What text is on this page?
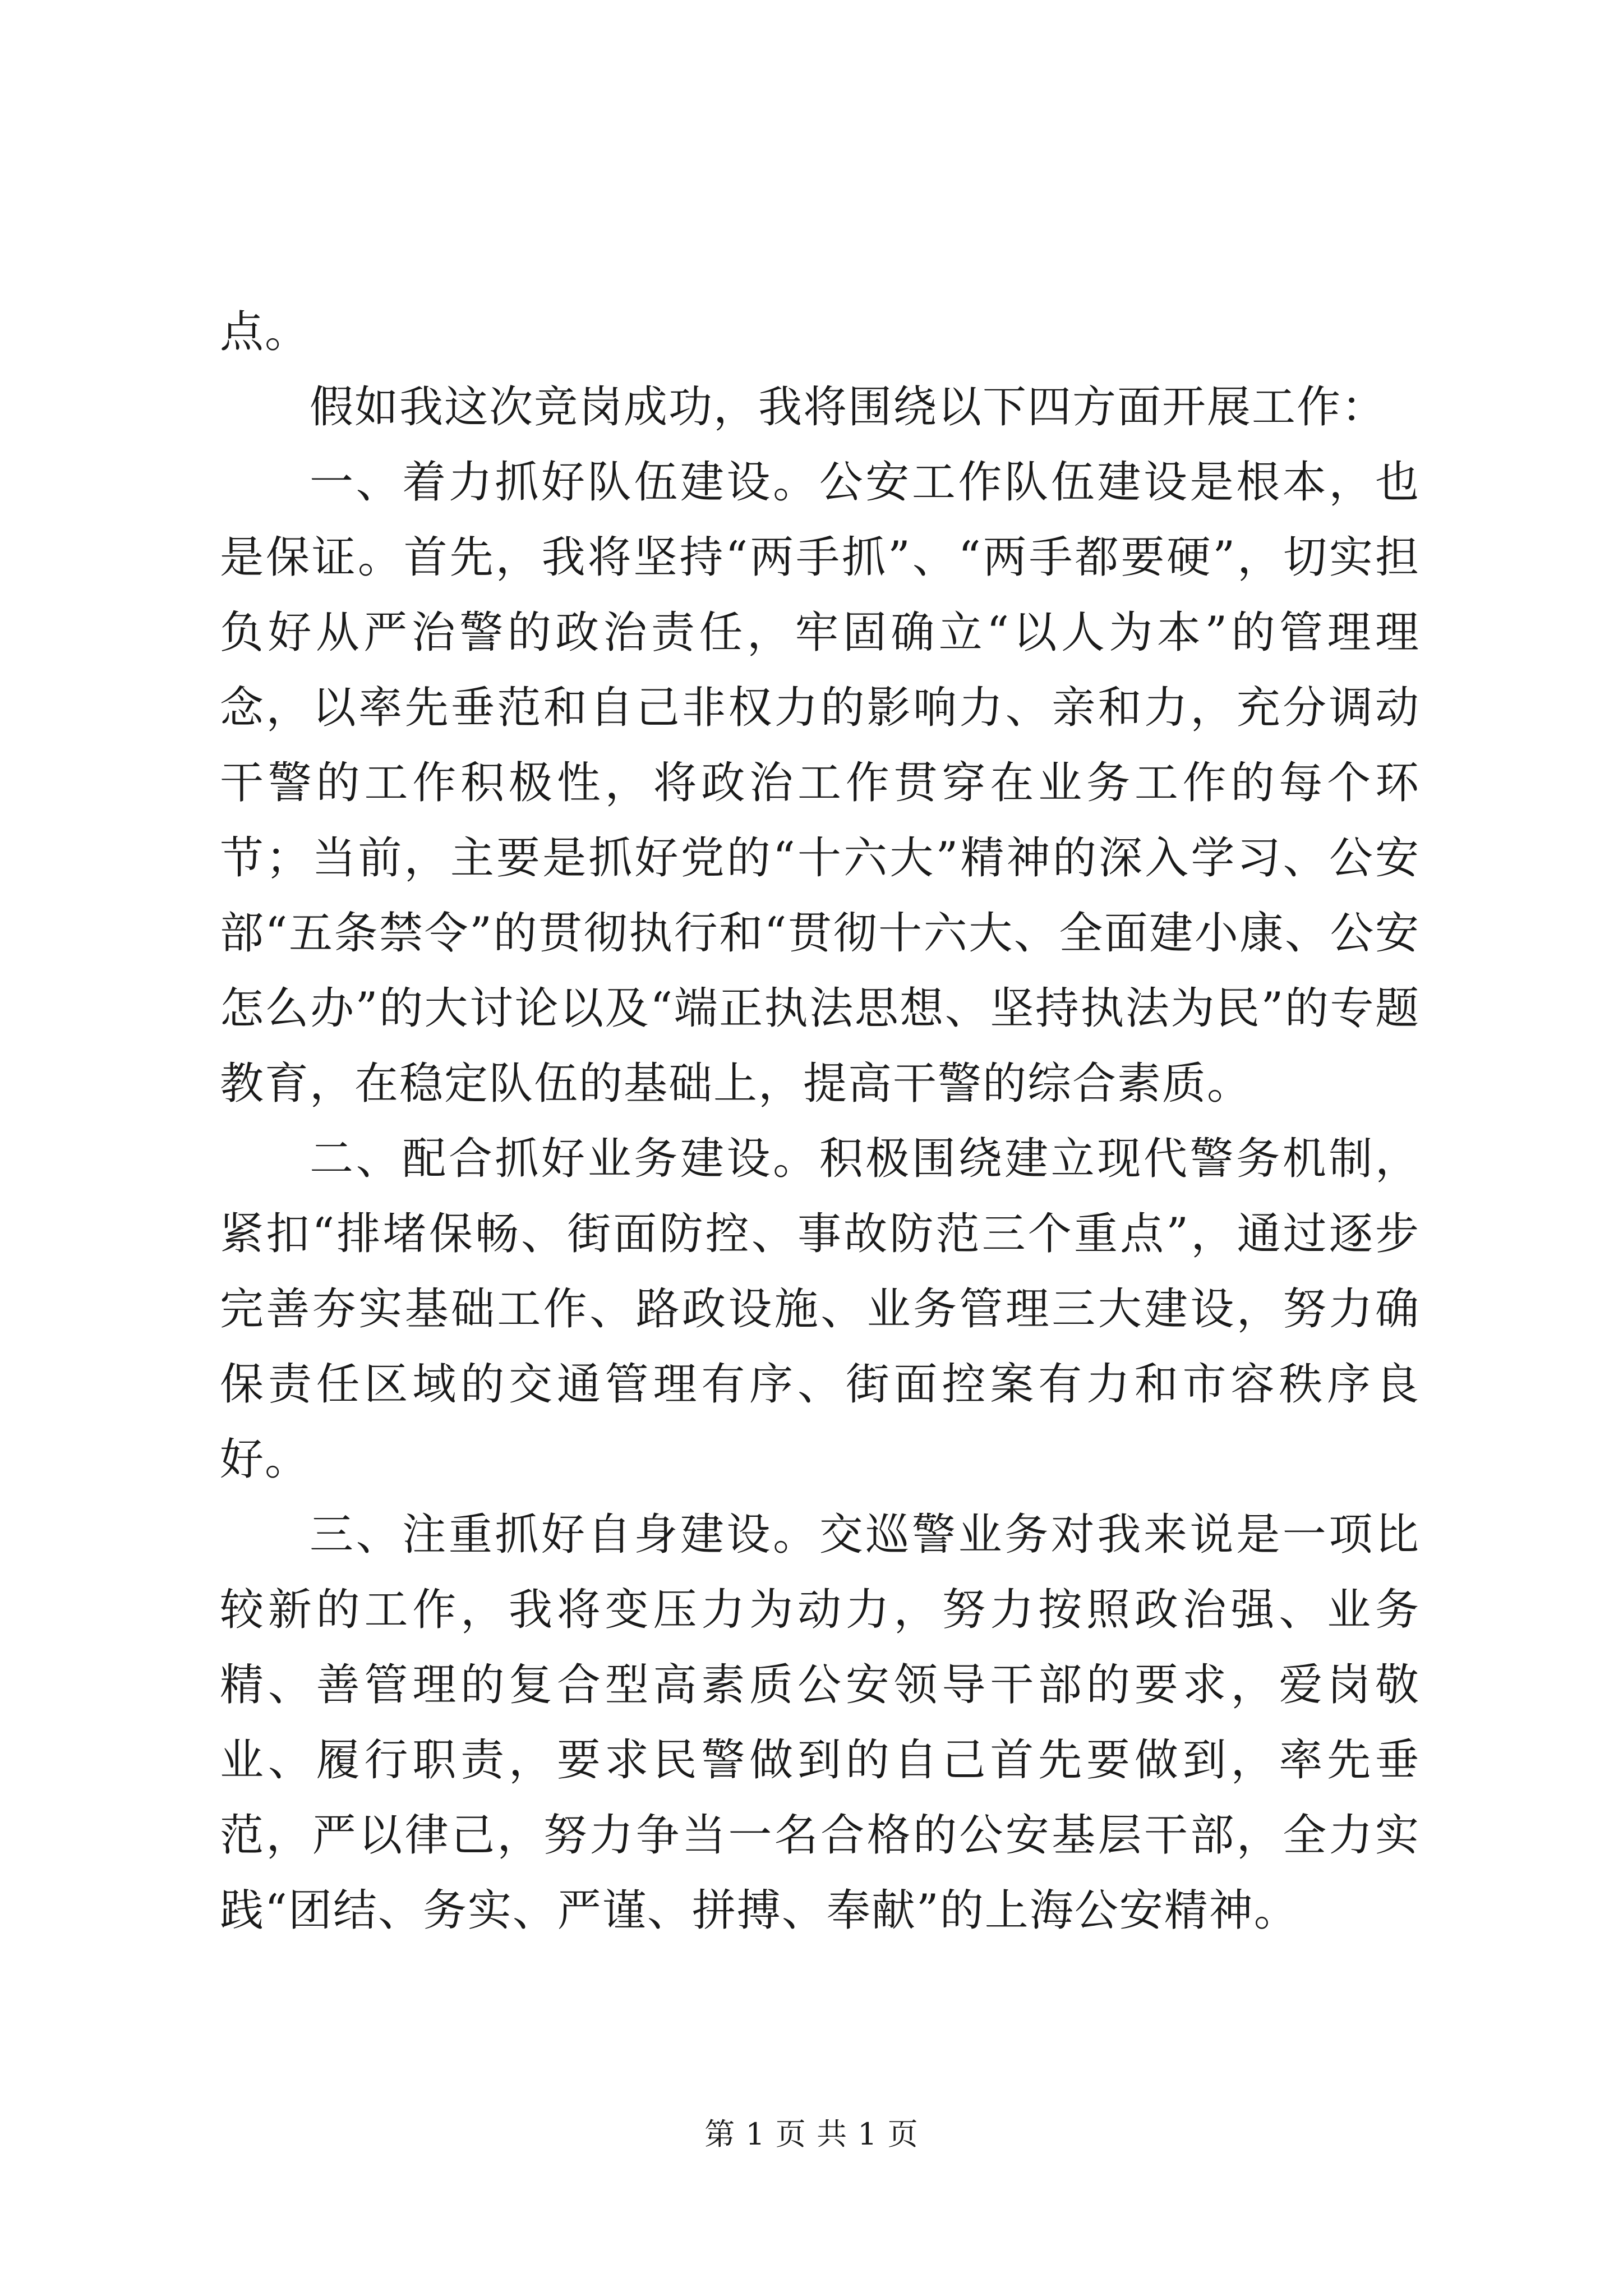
点。

假如我这次竞岗成功，我将围绕以下四方面开展工作：

一、着力抓好队伍建设。公安工作队伍建设是根本，也是保证。首先，我将坚持“两手抓”、“两手都要硬”，切实担负好从严治警的政治责任，牢固确立“以人为本”的管理理念，以率先垂范和自己非权力的影响力、亲和力，充分调动干警的工作积极性，将政治工作贯穿在业务工作的每个环节；当前，主要是抓好党的“十六大”精神的深入学习、公安部“五条禁令”的贯彻执行和“贯彻十六大、全面建小康、公安怎么办”的大讨论以及“端正执法思想、坚持执法为民”的专题教育，在稳定队伍的基础上，提高干警的综合素质。

二、配合抓好业务建设。积极围绕建立现代警务机制，紧扣“排堵保畅、街面防控、事故防范三个重点”，通过逐步完善夯实基础工作、路政设施、业务管理三大建设，努力确保责任区域的交通管理有序、街面控案有力和市容秩序良好。

三、注重抓好自身建设。交巡警业务对我来说是一项比较新的工作，我将变压力为动力，努力按照政治强、业务精、善管理的复合型高素质公安领导干部的要求，爱岗敬业、履行职责，要求民警做到的自己首先要做到，率先垂范，严以律己，努力争当一名合格的公安基层干部，全力实践“团结、务实、严谨、拼搏、奉献”的上海公安精神。

第 1 页 共 1 页
